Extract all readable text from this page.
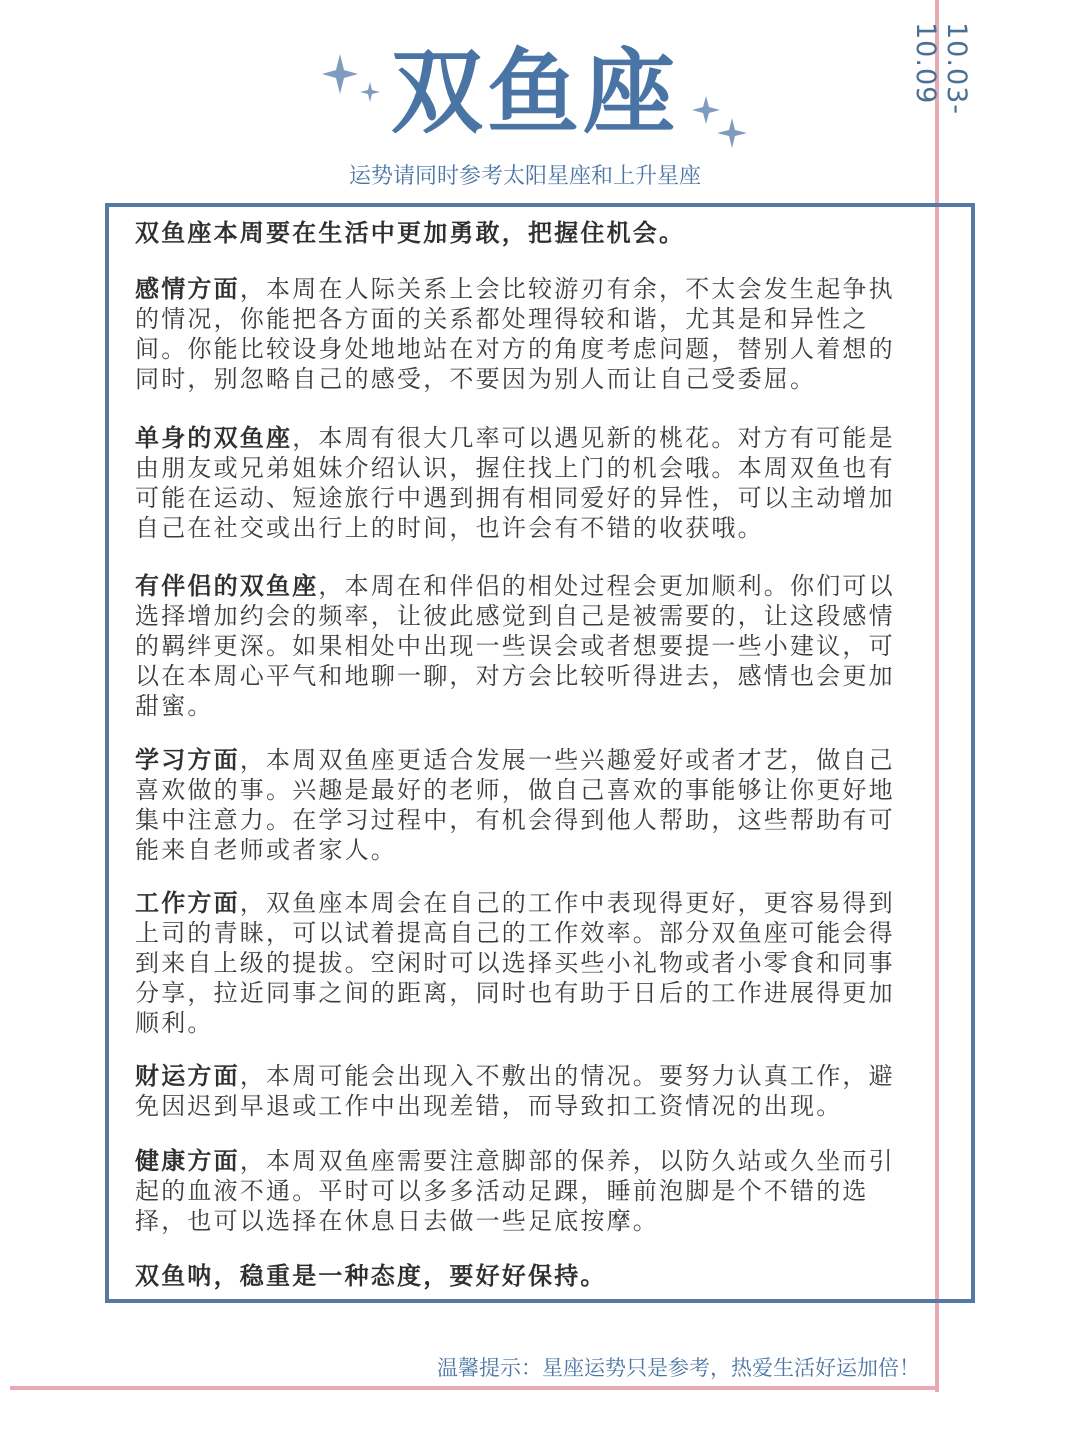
10.03-10.09
双鱼座
运势请同时参考太阳星座和上升星座

双鱼座本周要在生活中更加勇敢，把握住机会。

感情方面，本周在人际关系上会比较游刃有余，不太会发生起争执的情况，你能把各方面的关系都处理得较和谐，尤其是和异性之间。你能比较设身处地地站在对方的角度考虑问题，替别人着想的同时，别忽略自己的感受，不要因为别人而让自己受委屈。

单身的双鱼座，本周有很大几率可以遇见新的桃花。对方有可能是由朋友或兄弟姐妹介绍认识，握住找上门的机会哦。本周双鱼也有可能在运动、短途旅行中遇到拥有相同爱好的异性，可以主动增加自己在社交或出行上的时间，也许会有不错的收获哦。

有伴侣的双鱼座，本周在和伴侣的相处过程会更加顺利。你们可以选择增加约会的频率，让彼此感觉到自己是被需要的，让这段感情的羁绊更深。如果相处中出现一些误会或者想要提一些小建议，可以在本周心平气和地聊一聊，对方会比较听得进去，感情也会更加甜蜜。

学习方面，本周双鱼座更适合发展一些兴趣爱好或者才艺，做自己喜欢做的事。兴趣是最好的老师，做自己喜欢的事能够让你更好地集中注意力。在学习过程中，有机会得到他人帮助，这些帮助有可能来自老师或者家人。

工作方面，双鱼座本周会在自己的工作中表现得更好，更容易得到上司的青睐，可以试着提高自己的工作效率。部分双鱼座可能会得到来自上级的提拔。空闲时可以选择买些小礼物或者小零食和同事分享，拉近同事之间的距离，同时也有助于日后的工作进展得更加顺利。

财运方面，本周可能会出现入不敷出的情况。要努力认真工作，避免因迟到早退或工作中出现差错，而导致扣工资情况的出现。

健康方面，本周双鱼座需要注意脚部的保养，以防久站或久坐而引起的血液不通。平时可以多多活动足踝，睡前泡脚是个不错的选择，也可以选择在休息日去做一些足底按摩。

双鱼呐，稳重是一种态度，要好好保持。

温馨提示：星座运势只是参考，热爱生活好运加倍！
